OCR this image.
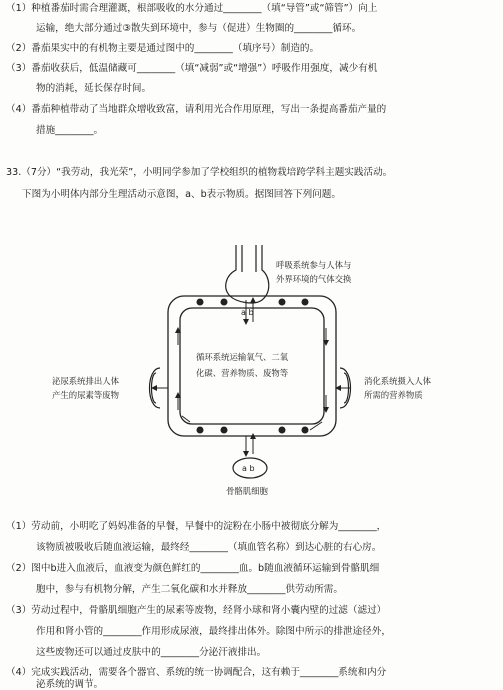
（1）种植番茄时需合理灌溉，根部吸收的水分通过________（填“导管”或“筛管”）向上
运输，绝大部分通过③散失到环境中，参与（促进）生物圈的________循环。
（2）番茄果实中的有机物主要是通过图中的________（填序号）制造的。
（3）番茄收获后，低温储藏可________（填“减弱”或“增强”）呼吸作用强度，减少有机
物的消耗，延长保存时间。
（4）番茄种植带动了当地群众增收致富，请利用光合作用原理，写出一条提高番茄产量的
措施________。
33.（7分）“我劳动，我光荣”，小明同学参加了学校组织的植物栽培跨学科主题实践活动。
下图为小明体内部分生理活动示意图，a、b表示物质。据图回答下列问题。
a b
循环系统运输氧气、二氧
化碳、营养物质、废物等
a b
呼吸系统参与人体与
外界环境的气体交换
泌尿系统排出人体
产生的尿素等废物
消化系统摄入人体
所需的营养物质
骨骼肌细胞
（1）劳动前，小明吃了妈妈准备的早餐，早餐中的淀粉在小肠中被彻底分解为________，
该物质被吸收后随血液运输，最终经________（填血管名称）到达心脏的右心房。
（2）图中b进入血液后，血液变为颜色鲜红的________血。b随血液循环运输到骨骼肌细
胞中，参与有机物分解，产生二氧化碳和水并释放________供劳动所需。
（3）劳动过程中，骨骼肌细胞产生的尿素等废物，经肾小球和肾小囊内壁的过滤（滤过）
作用和肾小管的________作用形成尿液，最终排出体外。除图中所示的排泄途径外，
这些废物还可以通过皮肤中的________分泌汗液排出。
（4）完成实践活动，需要各个器官、系统的统一协调配合，这有赖于________系统和内分
泌系统的调节。
